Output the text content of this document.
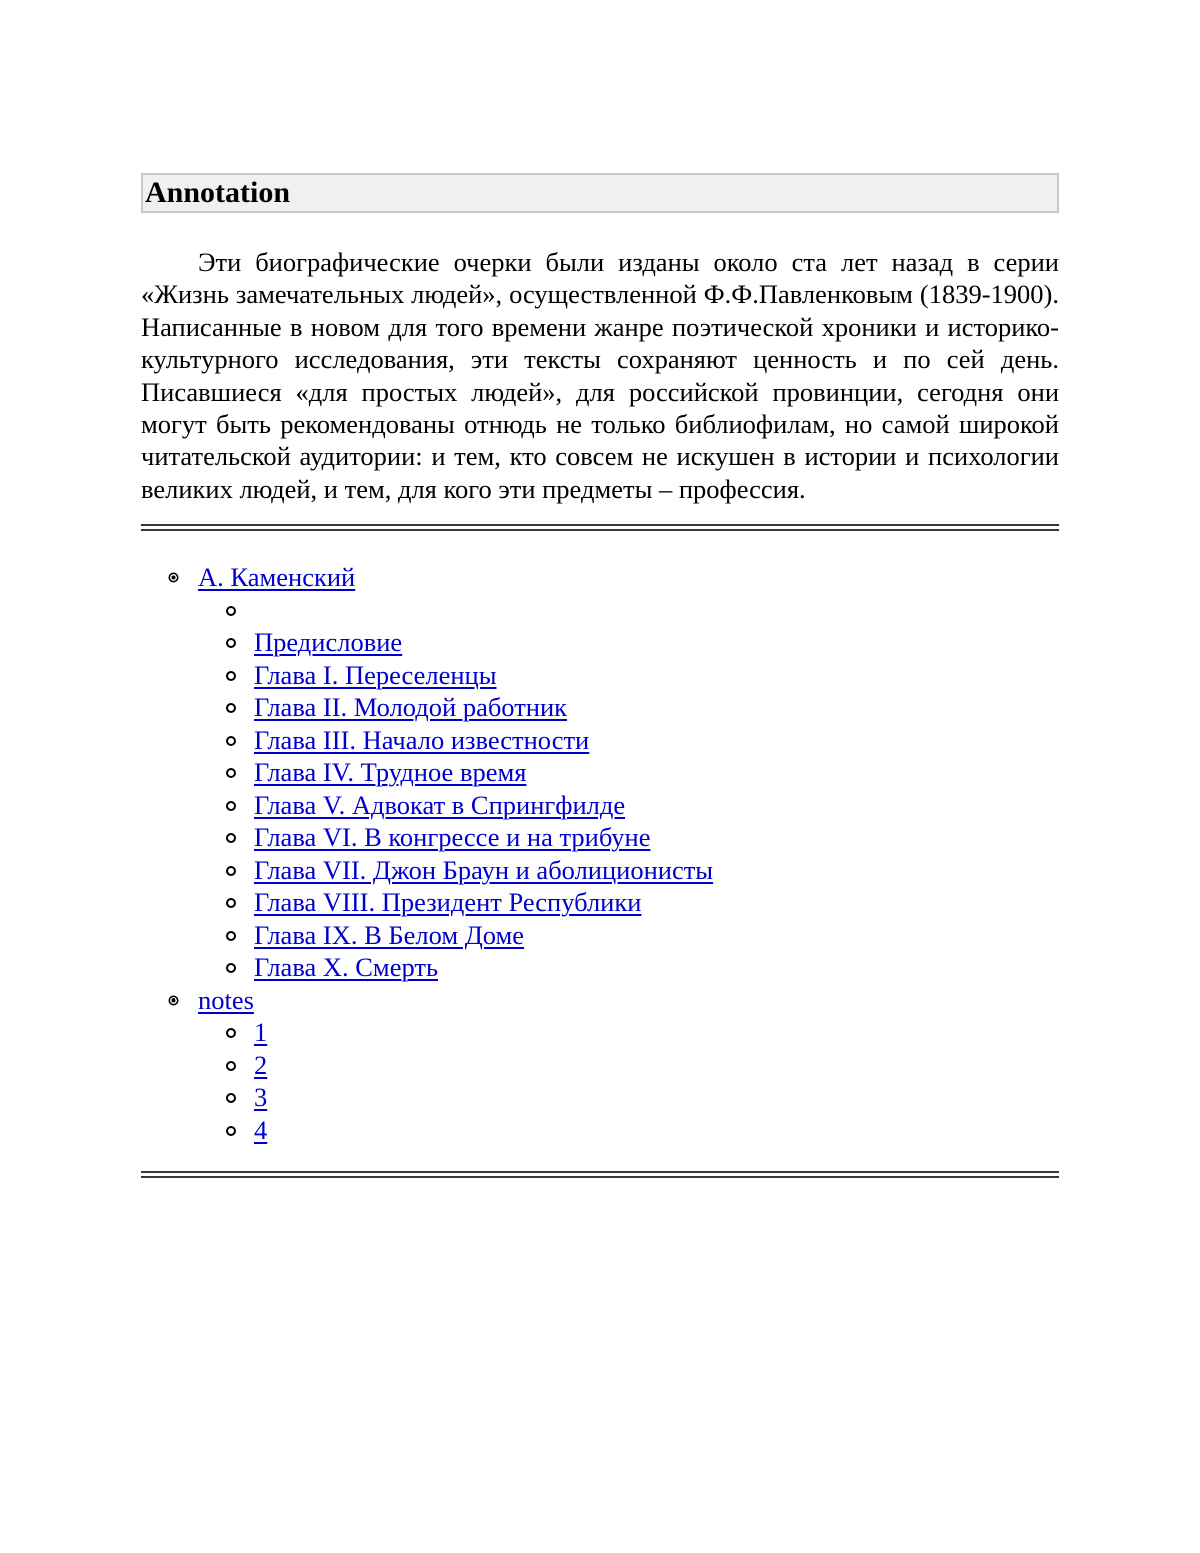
Annotation

Эти биографические очерки были изданы около ста лет назад в серии «Жизнь замечательных людей», осуществленной Ф.Ф.Павленковым (1839-1900). Написанные в новом для того времени жанре поэтической хроники и историко-культурного исследования, эти тексты сохраняют ценность и по сей день. Писавшиеся «для простых людей», для российской провинции, сегодня они могут быть рекомендованы отнюдь не только библиофилам, но самой широкой читательской аудитории: и тем, кто совсем не искушен в истории и психологии великих людей, и тем, для кого эти предметы – профессия.

А. Каменский
Предисловие
Глава I. Переселенцы
Глава II. Молодой работник
Глава III. Начало известности
Глава IV. Трудное время
Глава V. Адвокат в Спрингфилде
Глава VI. В конгрессе и на трибуне
Глава VII. Джон Браун и аболиционисты
Глава VIII. Президент Республики
Глава IX. В Белом Доме
Глава X. Смерть
notes
1
2
3
4
